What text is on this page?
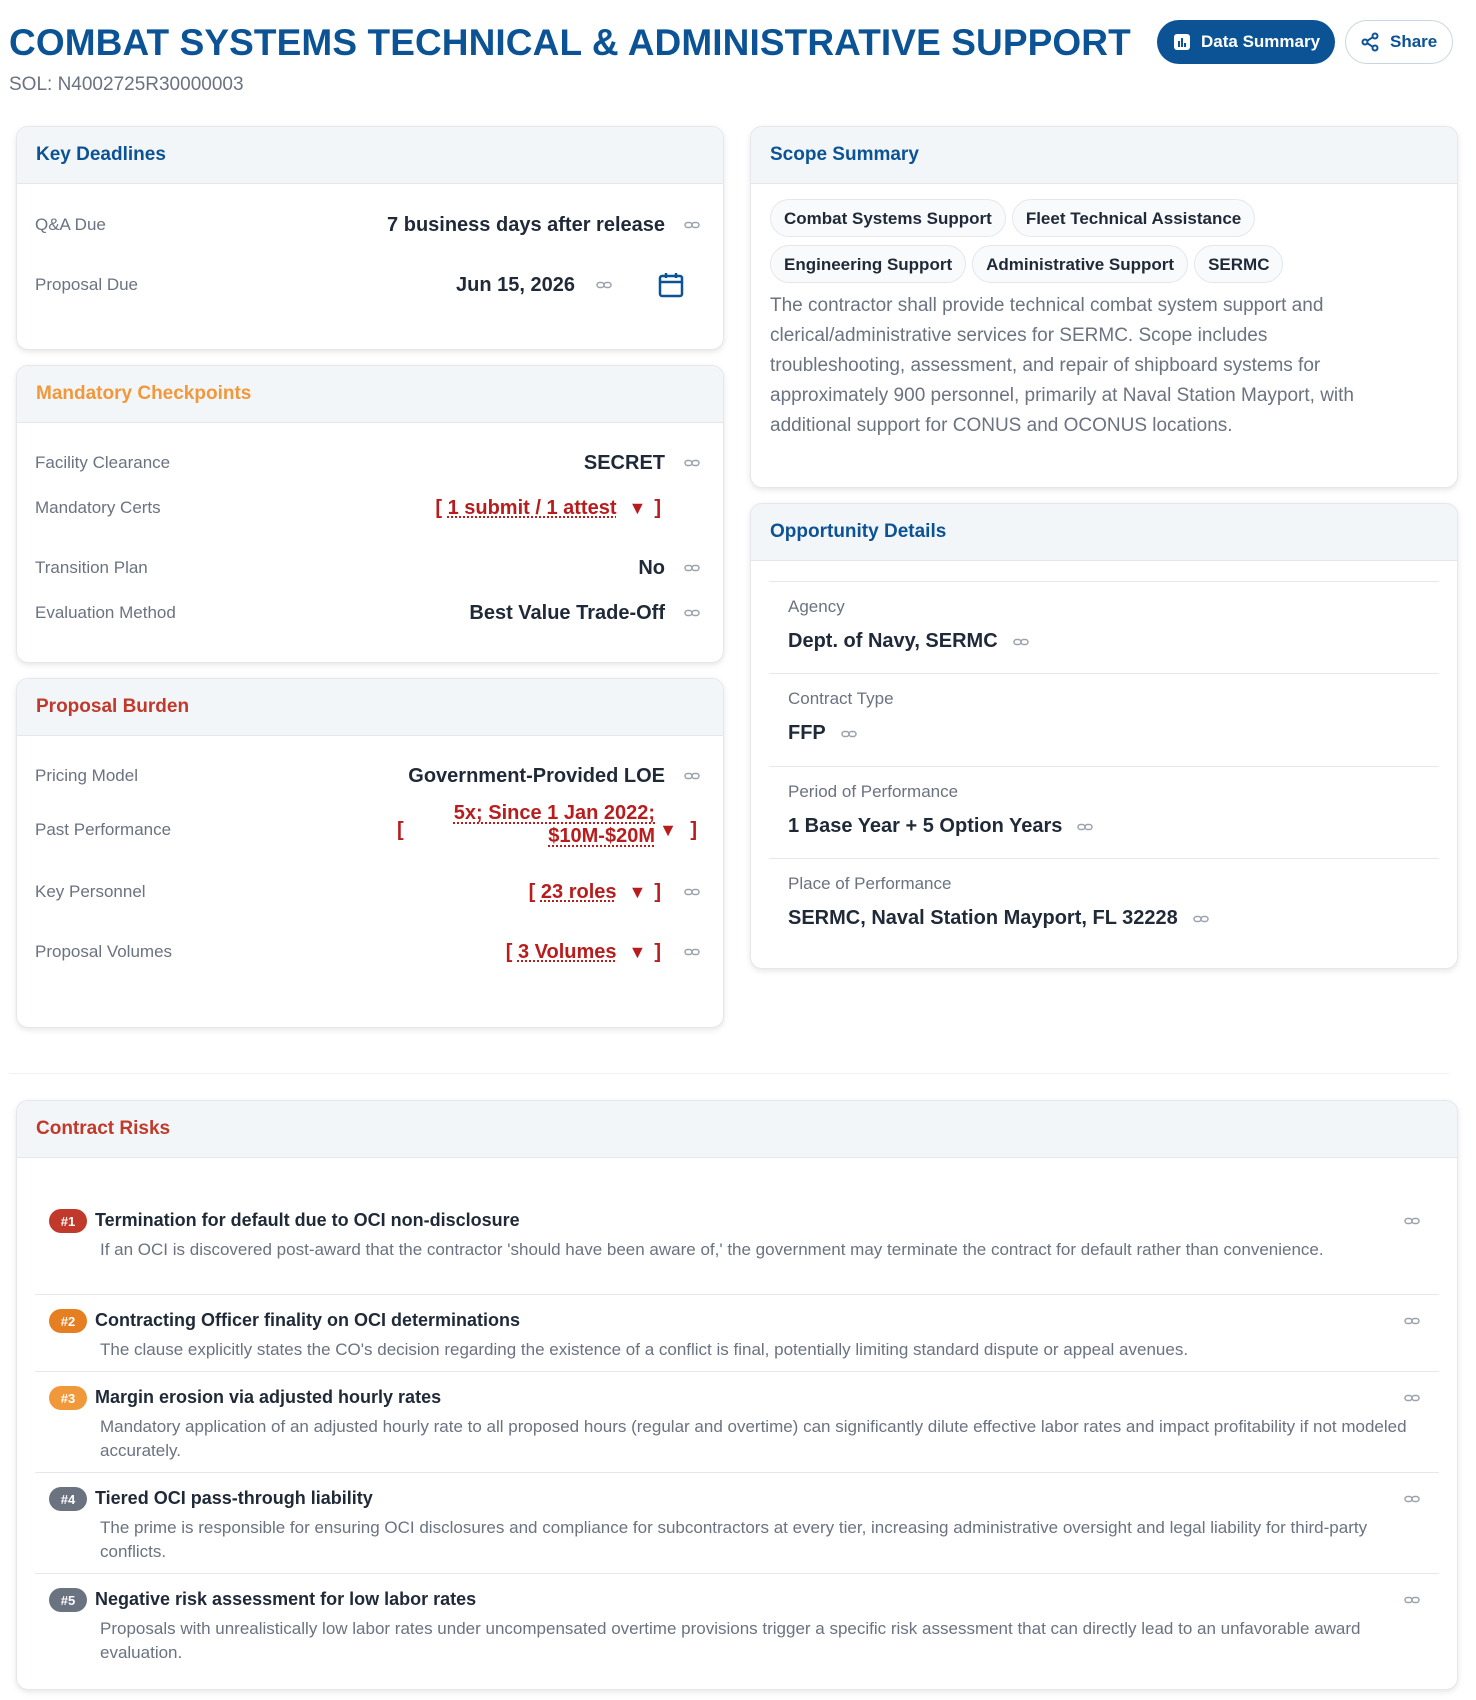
COMBAT SYSTEMS TECHNICAL & ADMINISTRATIVE SUPPORT
SOL: N4002725R30000003
Data Summary	Share
Key Deadlines
Q&A Due	7 business days after release
Proposal Due	Jun 15, 2026
Mandatory Checkpoints
Facility Clearance	SECRET
Mandatory Certs	[ 1 submit / 1 attest ▼ ]
Transition Plan	No
Evaluation Method	Best Value Trade-Off
Proposal Burden
Pricing Model	Government-Provided LOE
Past Performance	[
5x; Since 1 Jan 2022;
$10M-$20M ▼ ]
Key Personnel	[ 23 roles ▼ ]
Proposal Volumes	[ 3 Volumes ▼ ]
Scope Summary
Combat Systems Support Fleet Technical Assistance
Engineering Support Administrative Support SERMC
The contractor shall provide technical combat system support and clerical/administrative services for SERMC. Scope includes troubleshooting, assessment, and repair of shipboard systems for approximately 900 personnel, primarily at Naval Station Mayport, with additional support for CONUS and OCONUS locations.
Opportunity Details
Agency
Dept. of Navy, SERMC
Contract Type
FFP
Period of Performance
1 Base Year + 5 Option Years
Place of Performance
SERMC, Naval Station Mayport, FL 32228
Contract Risks
#1	Termination for default due to OCI non-disclosure
If an OCI is discovered post-award that the contractor 'should have been aware of,' the government may terminate the contract for default rather than convenience.
#2	Contracting Officer finality on OCI determinations
The clause explicitly states the CO's decision regarding the existence of a conflict is final, potentially limiting standard dispute or appeal avenues.
#3	Margin erosion via adjusted hourly rates
Mandatory application of an adjusted hourly rate to all proposed hours (regular and overtime) can significantly dilute effective labor rates and impact profitability if not modeled accurately.
#4	Tiered OCI pass-through liability
The prime is responsible for ensuring OCI disclosures and compliance for subcontractors at every tier, increasing administrative oversight and legal liability for third-party conflicts.
#5	Negative risk assessment for low labor rates
Proposals with unrealistically low labor rates under uncompensated overtime provisions trigger a specific risk assessment that can directly lead to an unfavorable award evaluation.
